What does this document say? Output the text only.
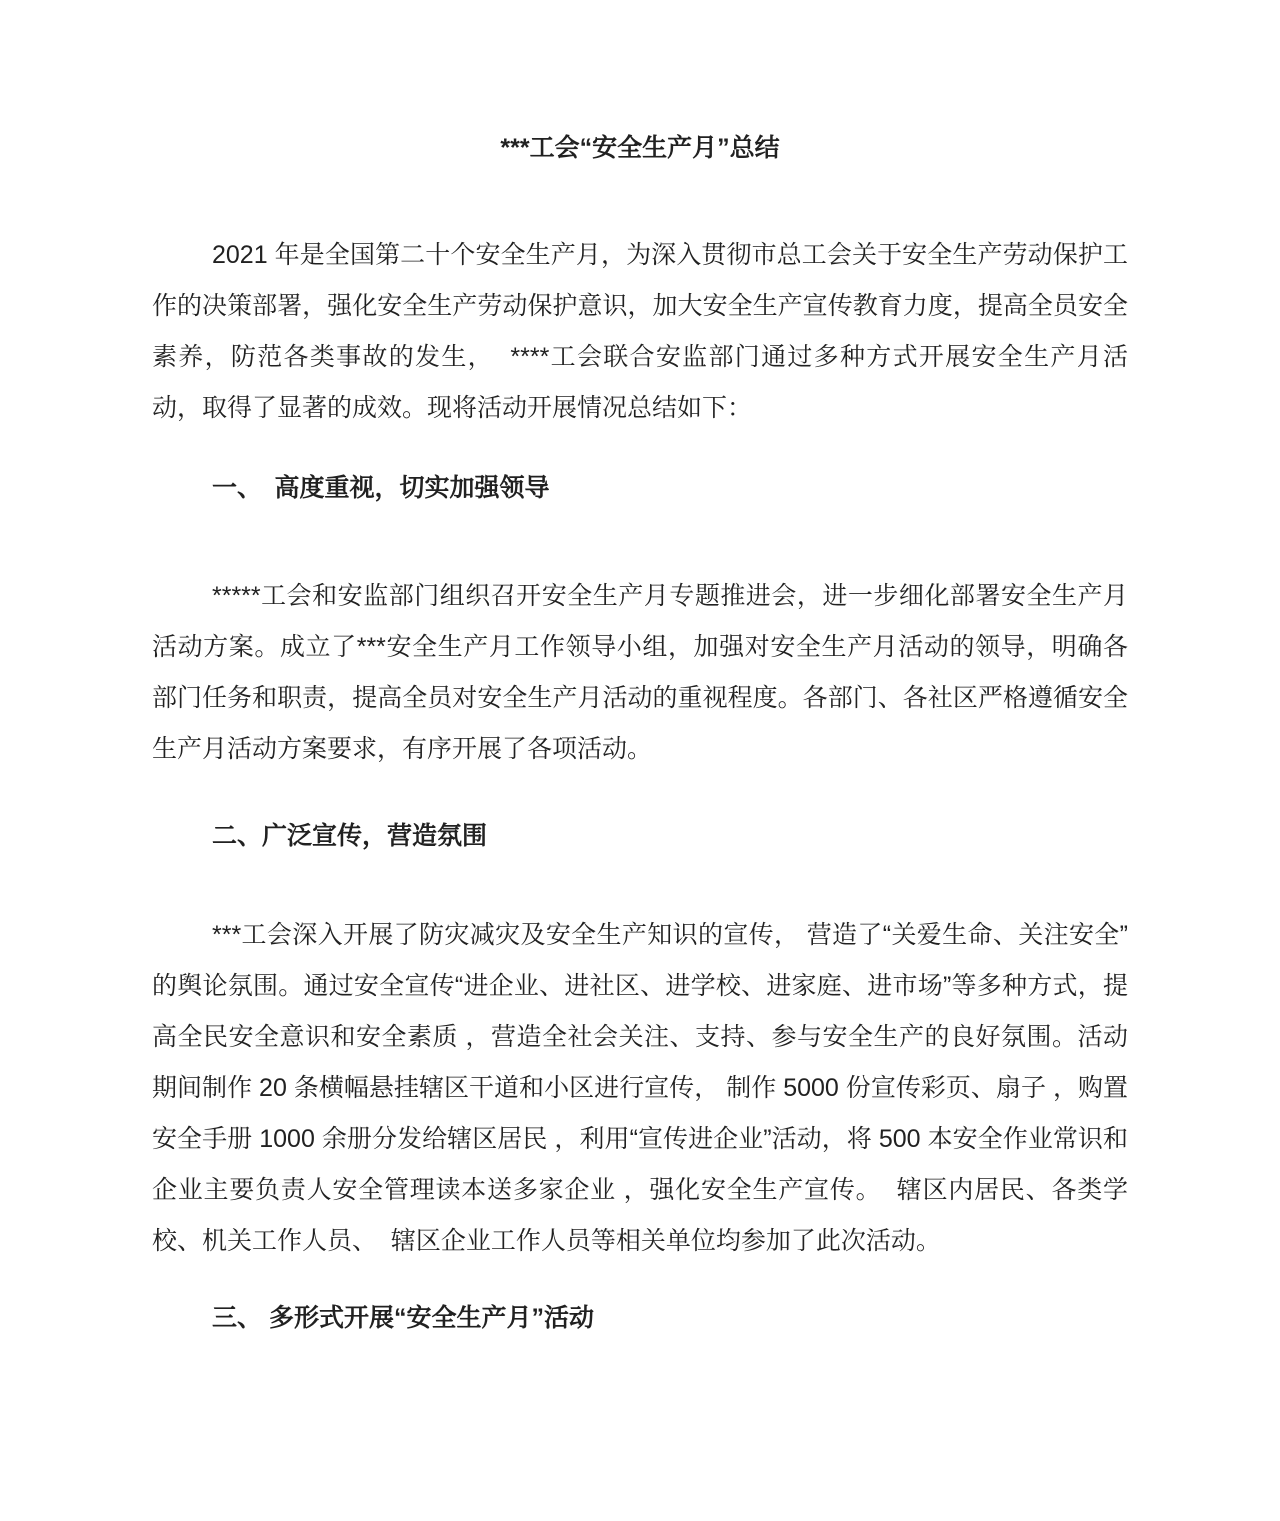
***工会“安全生产月”总结

2021 年是全国第二十个安全生产月，为深入贯彻市总工会关于安全生产劳动保护工作的决策部署，强化安全生产劳动保护意识，加大安全生产宣传教育力度，提高全员安全素养，防范各类事故的发生，  ****工会联合安监部门通过多种方式开展安全生产月活动，取得了显著的成效。现将活动开展情况总结如下：

一、　高度重视，切实加强领导

*****工会和安监部门组织召开安全生产月专题推进会，进一步细化部署安全生产月活动方案。成立了***安全生产月工作领导小组，加强对安全生产月活动的领导，明确各部门任务和职责，提高全员对安全生产月活动的重视程度。各部门、各社区严格遵循安全生产月活动方案要求，有序开展了各项活动。

二、广泛宣传，营造氛围

***工会深入开展了防灾减灾及安全生产知识的宣传， 营造了“关爱生命、关注安全”的舆论氛围。通过安全宣传“进企业、进社区、进学校、进家庭、进市场”等多种方式，提高全民安全意识和安全素质 ，营造全社会关注、支持、参与安全生产的良好氛围。活动期间制作 20 条横幅悬挂辖区干道和小区进行宣传， 制作 5000 份宣传彩页、扇子 ，购置安全手册 1000 余册分发给辖区居民 ，利用“宣传进企业”活动，将 500 本安全作业常识和企业主要负责人安全管理读本送多家企业 ，强化安全生产宣传。  辖区内居民、各类学校、机关工作人员、  辖区企业工作人员等相关单位均参加了此次活动。

三、 多形式开展“安全生产月”活动
